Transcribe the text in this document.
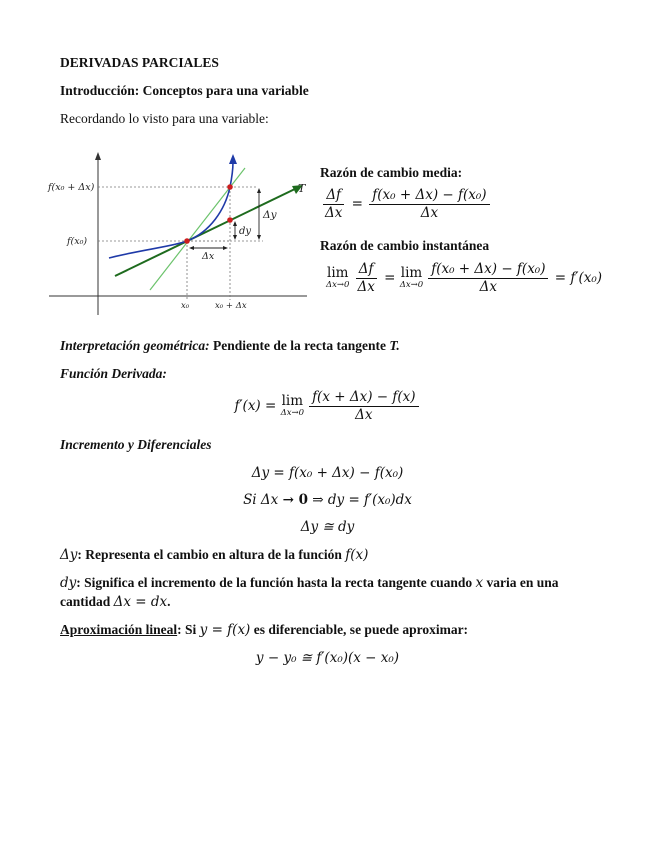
DERIVADAS PARCIALES
Introducción: Conceptos para una variable
Recordando lo visto para una variable:
f(x₀ + Δx)
f(x₀)
T
Δy
dy
Δx
x₀	x₀ + Δx
Razón de cambio media:
$\frac{\Delta f}{\Delta x} = \frac{\text{f(x₀ + Δx) − f(x₀)}}{\Delta x}$
Razón de cambio instantánea
lim
$\Delta x\to 0 \frac{\Delta f}{\Delta x} = \lim$
$\Delta x\to 0 \frac{\text{f(x₀ + Δx) − f(x₀)}}{\Delta x} = f'(x_0)$
Interpretación geométrica: Pendiente de la recta tangente T.
Función Derivada:
f′(x) = lim
$\Delta x\to 0 \frac{f(x + \Delta x) - f(x)}{\Delta x}$
Incremento y Diferenciales
Δy = f(x₀ + Δx) − f(x₀)
Si Δx → 0 ⇒ dy = f′(x₀)dx
Δy ≅ dy
Δy: Representa el cambio en altura de la función f(x)
dy: Significa el incremento de la función hasta la recta tangente cuando x varia en una
cantidad Δx = dx.
Aproximación lineal: Si y = f(x) es diferenciable, se puede aproximar:
y − y₀ ≅ f′(x₀)(x − x₀)
